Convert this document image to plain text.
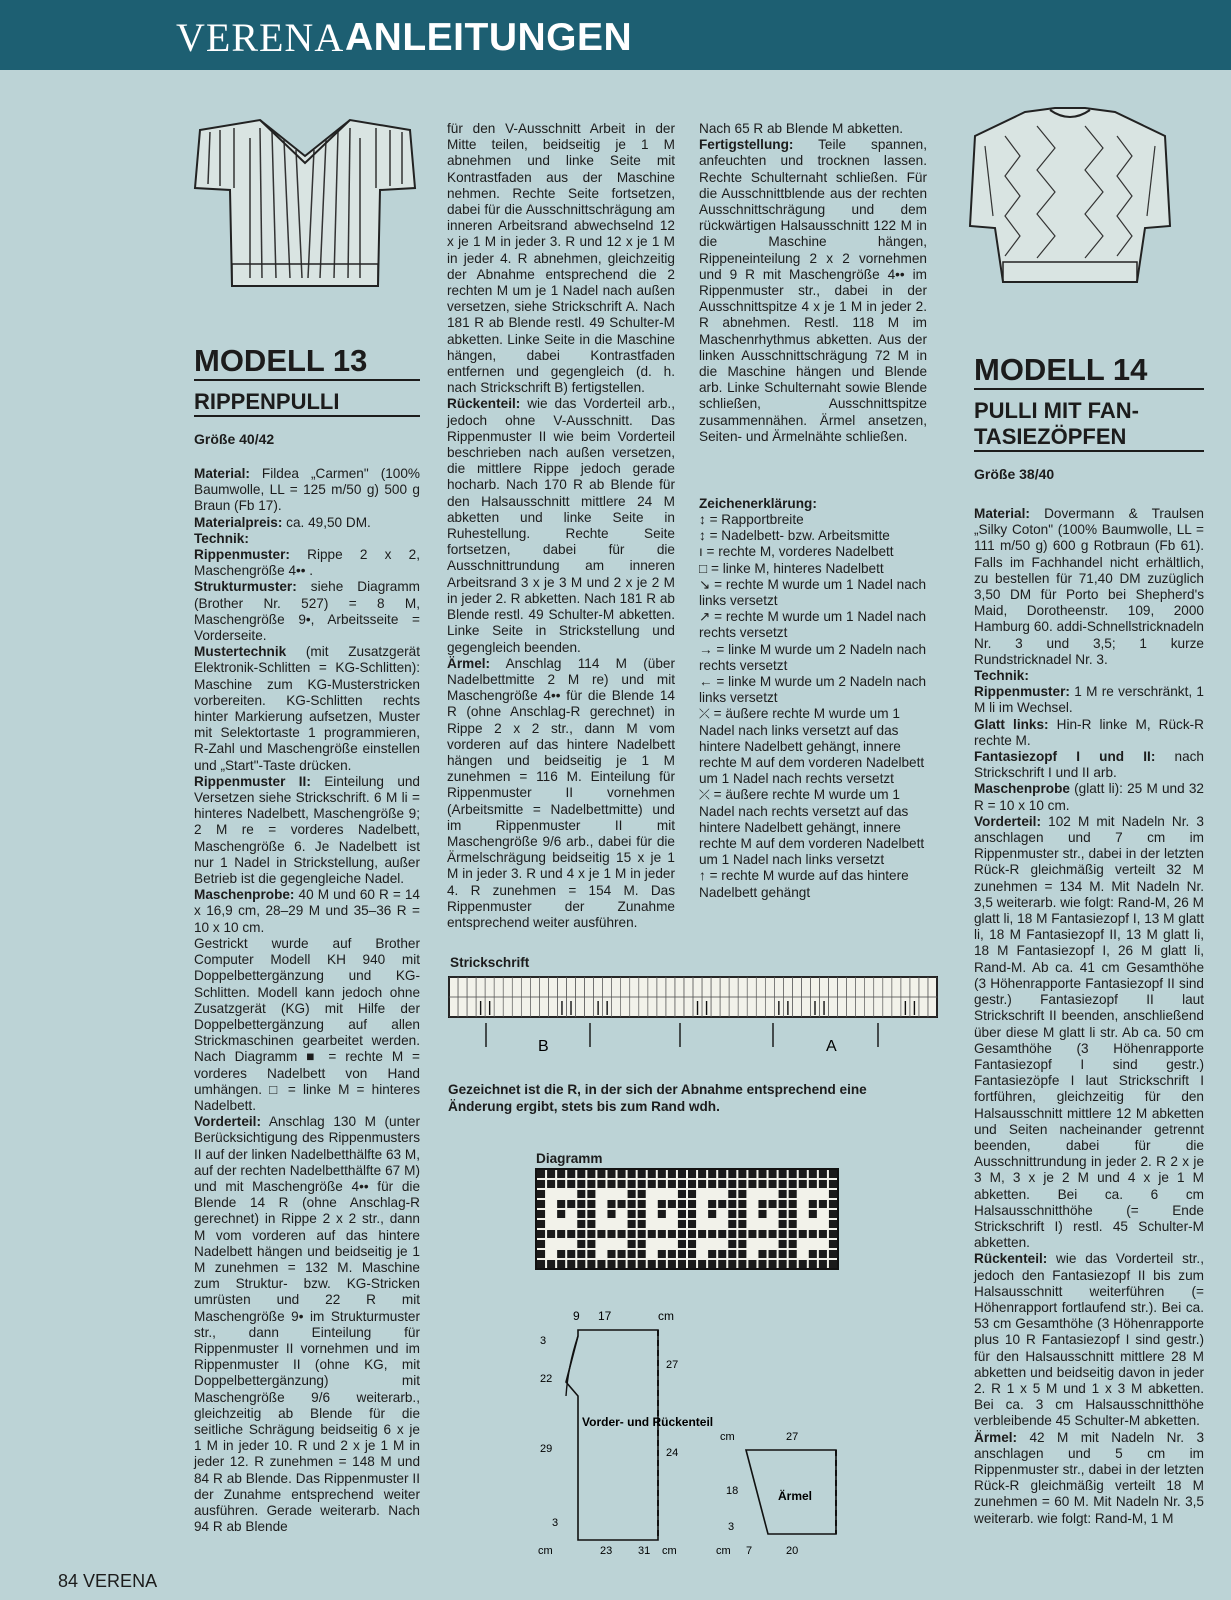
VERENA ANLEITUNGEN
MODELL 13
RIPPENPULLI
Größe 40/42

Material: Fildea „Carmen" (100% Baumwolle, LL = 125 m/50 g) 500 g Braun (Fb 17).

Materialpreis: ca. 49,50 DM.

Technik:

Rippenmuster: Rippe 2 x 2, Maschengröße 4•• .

Strukturmuster: siehe Diagramm (Brother Nr. 527) = 8 M, Maschengröße 9•, Arbeitsseite = Vorderseite.

Mustertechnik (mit Zusatzgerät Elektronik-Schlitten = KG-Schlitten): Maschine zum KG-Musterstricken vorbereiten. KG-Schlitten rechts hinter Markierung aufsetzen, Muster mit Selektortaste 1 programmieren, R-Zahl und Maschengröße einstellen und „Start"-Taste drücken.

Rippenmuster II: Einteilung und Versetzen siehe Strickschrift. 6 M li = hinteres Nadelbett, Maschengröße 9; 2 M re = vorderes Nadelbett, Maschengröße 6. Je Nadelbett ist nur 1 Nadel in Strickstellung, außer Betrieb ist die gegengleiche Nadel.

Maschenprobe: 40 M und 60 R = 14 x 16,9 cm, 28–29 M und 35–36 R = 10 x 10 cm.

Gestrickt wurde auf Brother Computer Modell KH 940 mit Doppelbettergänzung und KG-Schlitten. Modell kann jedoch ohne Zusatzgerät (KG) mit Hilfe der Doppelbettergänzung auf allen Strickmaschinen gearbeitet werden. Nach Diagramm ■ = rechte M = vorderes Nadelbett von Hand umhängen. □ = linke M = hinteres Nadelbett.

Vorderteil: Anschlag 130 M (unter Berücksichtigung des Rippenmusters II auf der linken Nadelbetthälfte 63 M, auf der rechten Nadelbetthälfte 67 M) und mit Maschengröße 4•• für die Blende 14 R (ohne Anschlag-R gerechnet) in Rippe 2 x 2 str., dann M vom vorderen auf das hintere Nadelbett hängen und beidseitig je 1 M zunehmen = 132 M. Maschine zum Struktur- bzw. KG-Stricken umrüsten und 22 R mit Maschengröße 9• im Strukturmuster str., dann Einteilung für Rippenmuster II vornehmen und im Rippenmuster II (ohne KG, mit Doppelbettergänzung) mit Maschengröße 9/6 weiterarb., gleichzeitig ab Blende für die seitliche Schrägung beidseitig 6 x je 1 M in jeder 10. R und 2 x je 1 M in jeder 12. R zunehmen = 148 M und 84 R ab Blende. Das Rippenmuster II der Zunahme entsprechend weiter ausführen. Gerade weiterarb. Nach 94 R ab Blende

für den V-Ausschnitt Arbeit in der Mitte teilen, beidseitig je 1 M abnehmen und linke Seite mit Kontrastfaden aus der Maschine nehmen. Rechte Seite fortsetzen, dabei für die Ausschnittschrägung am inneren Arbeitsrand abwechselnd 12 x je 1 M in jeder 3. R und 12 x je 1 M in jeder 4. R abnehmen, gleichzeitig der Abnahme entsprechend die 2 rechten M um je 1 Nadel nach außen versetzen, siehe Strickschrift A. Nach 181 R ab Blende restl. 49 Schulter-M abketten. Linke Seite in die Maschine hängen, dabei Kontrastfaden entfernen und gegengleich (d. h. nach Strickschrift B) fertigstellen.

Rückenteil: wie das Vorderteil arb., jedoch ohne V-Ausschnitt. Das Rippenmuster II wie beim Vorderteil beschrieben nach außen versetzen, die mittlere Rippe jedoch gerade hocharb. Nach 170 R ab Blende für den Halsausschnitt mittlere 24 M abketten und linke Seite in Ruhestellung. Rechte Seite fortsetzen, dabei für die Ausschnittrundung am inneren Arbeitsrand 3 x je 3 M und 2 x je 2 M in jeder 2. R abketten. Nach 181 R ab Blende restl. 49 Schulter-M abketten. Linke Seite in Strickstellung und gegengleich beenden.

Ärmel: Anschlag 114 M (über Nadelbettmitte 2 M re) und mit Maschengröße 4•• für die Blende 14 R (ohne Anschlag-R gerechnet) in Rippe 2 x 2 str., dann M vom vorderen auf das hintere Nadelbett hängen und beidseitig je 1 M zunehmen = 116 M. Einteilung für Rippenmuster II vornehmen (Arbeitsmitte = Nadelbettmitte) und im Rippenmuster II mit Maschengröße 9/6 arb., dabei für die Ärmelschrägung beidseitig 15 x je 1 M in jeder 3. R und 4 x je 1 M in jeder 4. R zunehmen = 154 M. Das Rippenmuster der Zunahme entsprechend weiter ausführen.

Nach 65 R ab Blende M abketten.

Fertigstellung: Teile spannen, anfeuchten und trocknen lassen. Rechte Schulternaht schließen. Für die Ausschnittblende aus der rechten Ausschnittschrägung und dem rückwärtigen Halsausschnitt 122 M in die Maschine hängen, Rippeneinteilung 2 x 2 vornehmen und 9 R mit Maschengröße 4•• im Rippenmuster str., dabei in der Ausschnittspitze 4 x je 1 M in jeder 2. R abnehmen. Restl. 118 M im Maschenrhythmus abketten. Aus der linken Ausschnittschrägung 72 M in die Maschine hängen und Blende arb. Linke Schulternaht sowie Blende schließen, Ausschnittspitze zusammennähen. Ärmel ansetzen, Seiten- und Ärmelnähte schließen.

Zeichenerklärung:

↕ = Rapportbreite

↕ = Nadelbett- bzw. Arbeitsmitte

ı = rechte M, vorderes Nadelbett

□ = linke M, hinteres Nadelbett

↘ = rechte M wurde um 1 Nadel nach links versetzt

↗ = rechte M wurde um 1 Nadel nach rechts versetzt

→ = linke M wurde um 2 Nadeln nach rechts versetzt

← = linke M wurde um 2 Nadeln nach links versetzt

⤫ = äußere rechte M wurde um 1 Nadel nach links versetzt auf das hintere Nadelbett gehängt, innere rechte M auf dem vorderen Nadelbett um 1 Nadel nach rechts versetzt

⤫ = äußere rechte M wurde um 1 Nadel nach rechts versetzt auf das hintere Nadelbett gehängt, innere rechte M auf dem vorderen Nadelbett um 1 Nadel nach links versetzt

↑ = rechte M wurde auf das hintere Nadelbett gehängt

Strickschrift
B	A
Gezeichnet ist die R, in der sich der Abnahme entsprechend eine Änderung ergibt, stets bis zum Rand wdh.
Diagramm
9 17	cm
3
22
29
3
27
24
Vorder- und Rückenteil
cm	23 31 cm
cm	27
18
3
Ärmel
cm 7	20
MODELL 14
PULLI MIT FAN-
TASIEZÖPFEN
Größe 38/40

Material: Dovermann & Traulsen „Silky Coton" (100% Baumwolle, LL = 111 m/50 g) 600 g Rotbraun (Fb 61). Falls im Fachhandel nicht erhältlich, zu bestellen für 71,40 DM zuzüglich 3,50 DM für Porto bei Shepherd's Maid, Dorotheenstr. 109, 2000 Hamburg 60. addi-Schnellstricknadeln Nr. 3 und 3,5; 1 kurze Rundstricknadel Nr. 3.

Technik:

Rippenmuster: 1 M re verschränkt, 1 M li im Wechsel.

Glatt links: Hin-R linke M, Rück-R rechte M.

Fantasiezopf I und II: nach Strickschrift I und II arb.

Maschenprobe (glatt li): 25 M und 32 R = 10 x 10 cm.

Vorderteil: 102 M mit Nadeln Nr. 3 anschlagen und 7 cm im Rippenmuster str., dabei in der letzten Rück-R gleichmäßig verteilt 32 M zunehmen = 134 M. Mit Nadeln Nr. 3,5 weiterarb. wie folgt: Rand-M, 26 M glatt li, 18 M Fantasiezopf I, 13 M glatt li, 18 M Fantasiezopf II, 13 M glatt li, 18 M Fantasiezopf I, 26 M glatt li, Rand-M. Ab ca. 41 cm Gesamthöhe (3 Höhenrapporte Fantasiezopf II sind gestr.) Fantasiezopf II laut Strickschrift II beenden, anschließend über diese M glatt li str. Ab ca. 50 cm Gesamthöhe (3 Höhenrapporte Fantasiezopf I sind gestr.) Fantasiezöpfe I laut Strickschrift I fortführen, gleichzeitig für den Halsausschnitt mittlere 12 M abketten und Seiten nacheinander getrennt beenden, dabei für die Ausschnittrundung in jeder 2. R 2 x je 3 M, 3 x je 2 M und 4 x je 1 M abketten. Bei ca. 6 cm Halsausschnitthöhe (= Ende Strickschrift I) restl. 45 Schulter-M abketten.

Rückenteil: wie das Vorderteil str., jedoch den Fantasiezopf II bis zum Halsausschnitt weiterführen (= Höhenrapport fortlaufend str.). Bei ca. 53 cm Gesamthöhe (3 Höhenrapporte plus 10 R Fantasiezopf I sind gestr.) für den Halsausschnitt mittlere 28 M abketten und beidseitig davon in jeder 2. R 1 x 5 M und 1 x 3 M abketten. Bei ca. 3 cm Halsausschnitthöhe verbleibende 45 Schulter-M abketten.

Ärmel: 42 M mit Nadeln Nr. 3 anschlagen und 5 cm im Rippenmuster str., dabei in der letzten Rück-R gleichmäßig verteilt 18 M zunehmen = 60 M. Mit Nadeln Nr. 3,5 weiterarb. wie folgt: Rand-M, 1 M

84 VERENA
